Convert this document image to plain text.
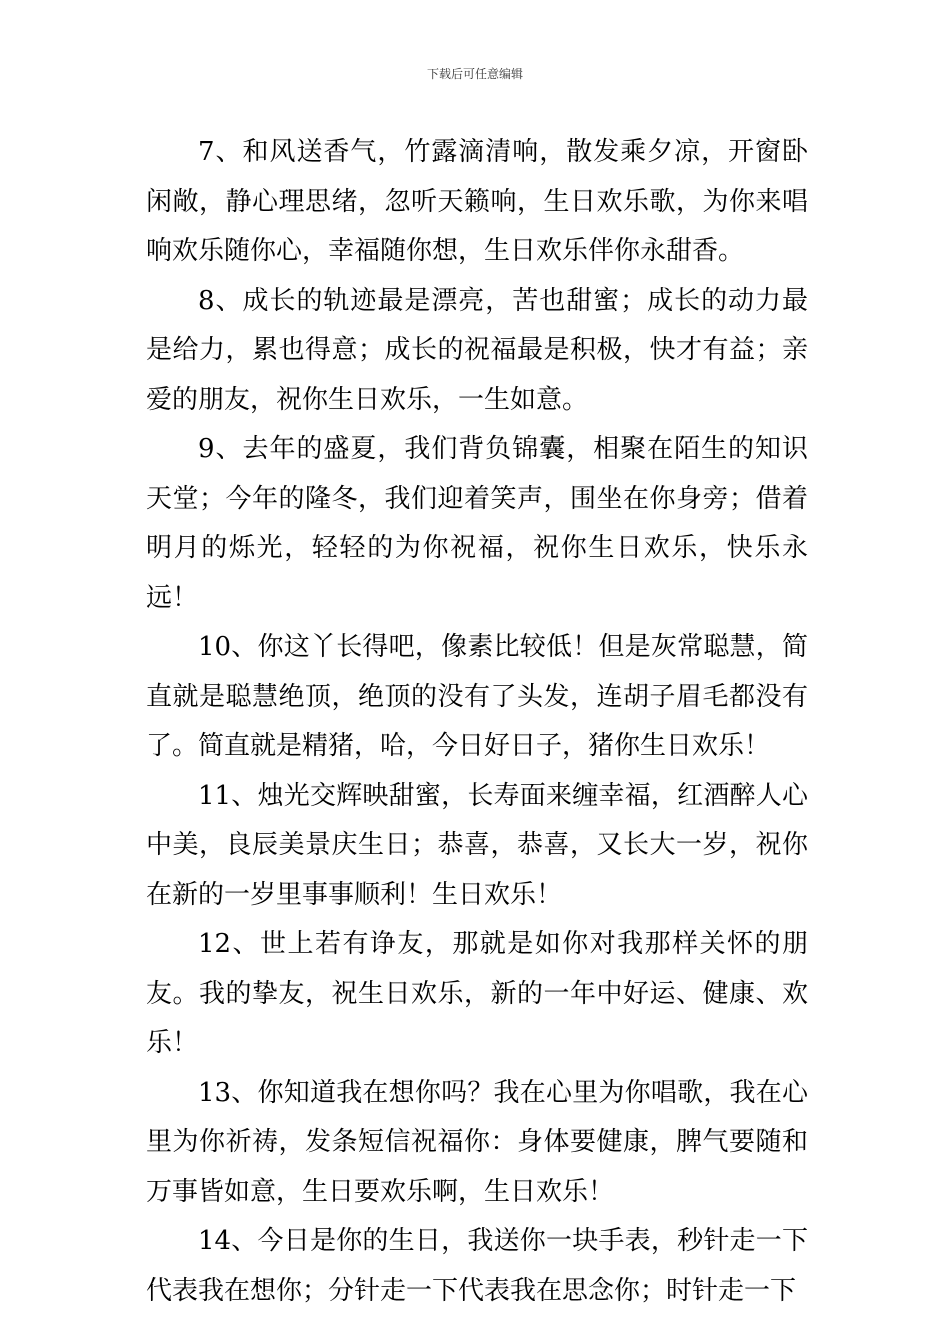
下载后可任意编辑

7、和风送香气，竹露滴清响，散发乘夕凉，开窗卧闲敞，静心理思绪，忽听天籁响，生日欢乐歌，为你来唱响欢乐随你心，幸福随你想，生日欢乐伴你永甜香。

8、成长的轨迹最是漂亮，苦也甜蜜；成长的动力最是给力，累也得意；成长的祝福最是积极，快才有益；亲爱的朋友，祝你生日欢乐，一生如意。

9、去年的盛夏，我们背负锦囊，相聚在陌生的知识天堂；今年的隆冬，我们迎着笑声，围坐在你身旁；借着明月的烁光，轻轻的为你祝福，祝你生日欢乐，快乐永远！

10、你这丫长得吧，像素比较低！但是灰常聪慧，简直就是聪慧绝顶，绝顶的没有了头发，连胡子眉毛都没有了。简直就是精猪，哈，今日好日子，猪你生日欢乐！

11、烛光交辉映甜蜜，长寿面来缠幸福，红酒醉人心中美，良辰美景庆生日；恭喜，恭喜，又长大一岁，祝你在新的一岁里事事顺利！生日欢乐！

12、世上若有诤友，那就是如你对我那样关怀的朋友。我的挚友，祝生日欢乐，新的一年中好运、健康、欢乐！

13、你知道我在想你吗？我在心里为你唱歌，我在心里为你祈祷，发条短信祝福你：身体要健康，脾气要随和万事皆如意，生日要欢乐啊，生日欢乐！

14、今日是你的生日，我送你一块手表，秒针走一下代表我在想你；分针走一下代表我在思念你；时针走一下
